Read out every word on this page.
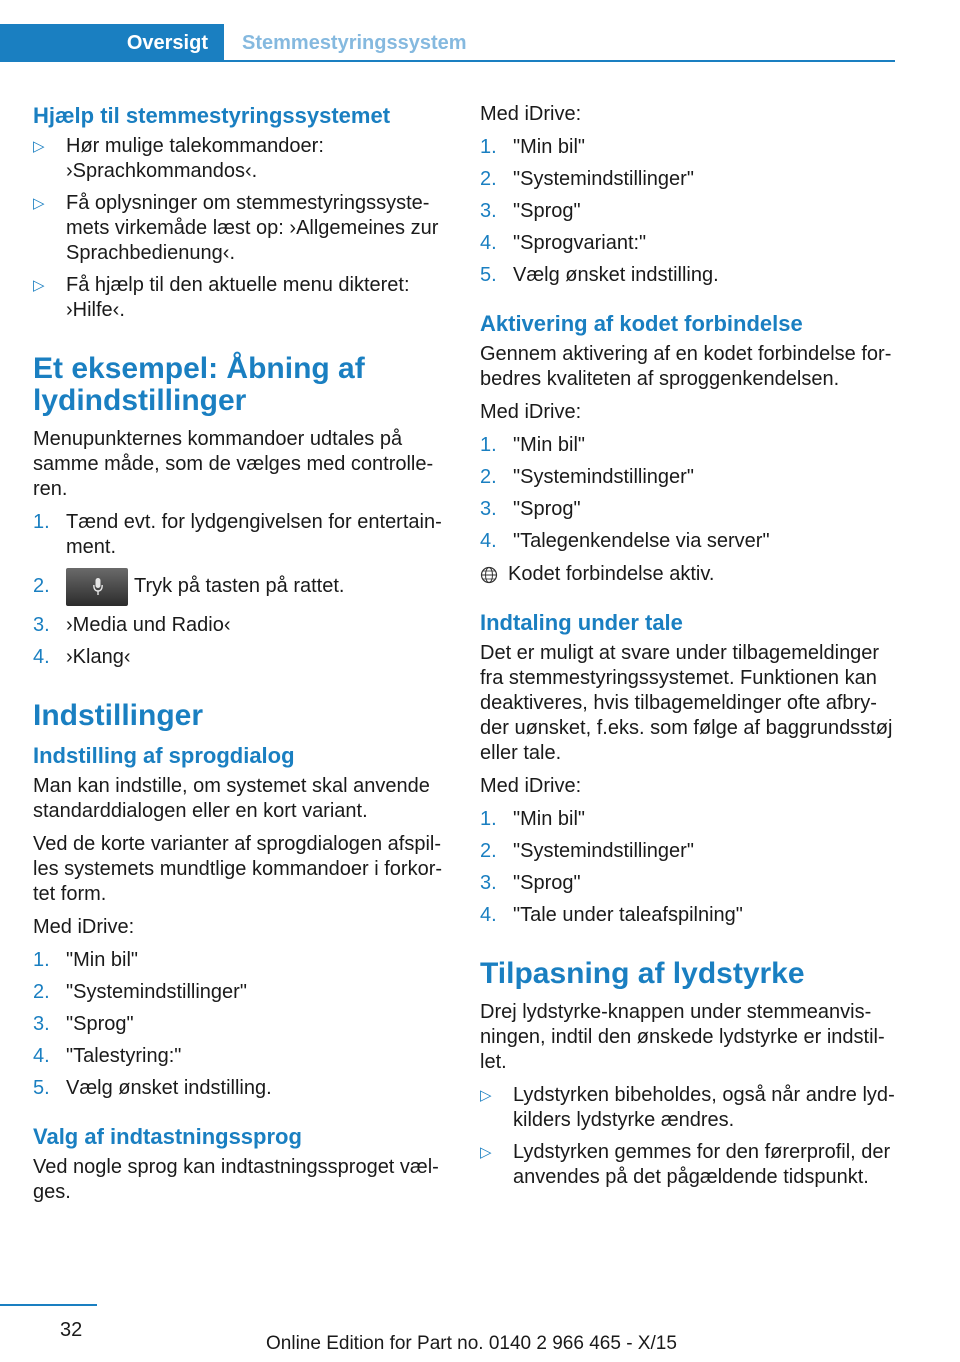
Oversigt	Stemmestyringssystem
Hjælp til stemmestyringssystemet
▷ Hør mulige talekommandoer: ›Sprachkommandos‹.
▷ Få oplysninger om stemmestyringssystemets virkemåde læst op: ›Allgemeines zur Sprachbedienung‹.
▷ Få hjælp til den aktuelle menu dikteret: ›Hilfe‹.
Et eksempel: Åbning af lydindstillinger

Menupunkternes kommandoer udtales på samme måde, som de vælges med controlleren.

1. Tænd evt. for lydgengivelsen for entertainment.
2.	Tryk på tasten på rattet.
3. ›Media und Radio‹
4. ›Klang‹
Indstillinger
Indstilling af sprogdialog

Man kan indstille, om systemet skal anvende standarddialogen eller en kort variant.

Ved de korte varianter af sprogdialogen afspilles systemets mundtlige kommandoer i forkortet form.

Med iDrive:

1. "Min bil"
2. "Systemindstillinger"
3. "Sprog"
4. "Talestyring:"
5. Vælg ønsket indstilling.
Valg af indtastningssprog

Ved nogle sprog kan indtastningssproget vælges.

Med iDrive:

1. "Min bil"
2. "Systemindstillinger"
3. "Sprog"
4. "Sprogvariant:"
5. Vælg ønsket indstilling.
Aktivering af kodet forbindelse

Gennem aktivering af en kodet forbindelse forbedres kvaliteten af sproggenkendelsen.

Med iDrive:

1. "Min bil"
2. "Systemindstillinger"
3. "Sprog"
4. "Talegenkendelse via server"

Kodet forbindelse aktiv.

Indtaling under tale

Det er muligt at svare under tilbagemeldinger fra stemmestyringssystemet. Funktionen kan deaktiveres, hvis tilbagemeldinger ofte afbryder uønsket, f.eks. som følge af baggrundsstøj eller tale.

Med iDrive:

1. "Min bil"
2. "Systemindstillinger"
3. "Sprog"
4. "Tale under taleafspilning"
Tilpasning af lydstyrke

Drej lydstyrke-knappen under stemmeanvisningen, indtil den ønskede lydstyrke er indstillet.

▷ Lydstyrken bibeholdes, også når andre lydkilders lydstyrke ændres.
▷ Lydstyrken gemmes for den førerprofil, der anvendes på det pågældende tidspunkt.
32
Online Edition for Part no. 0140 2 966 465 - X/15
